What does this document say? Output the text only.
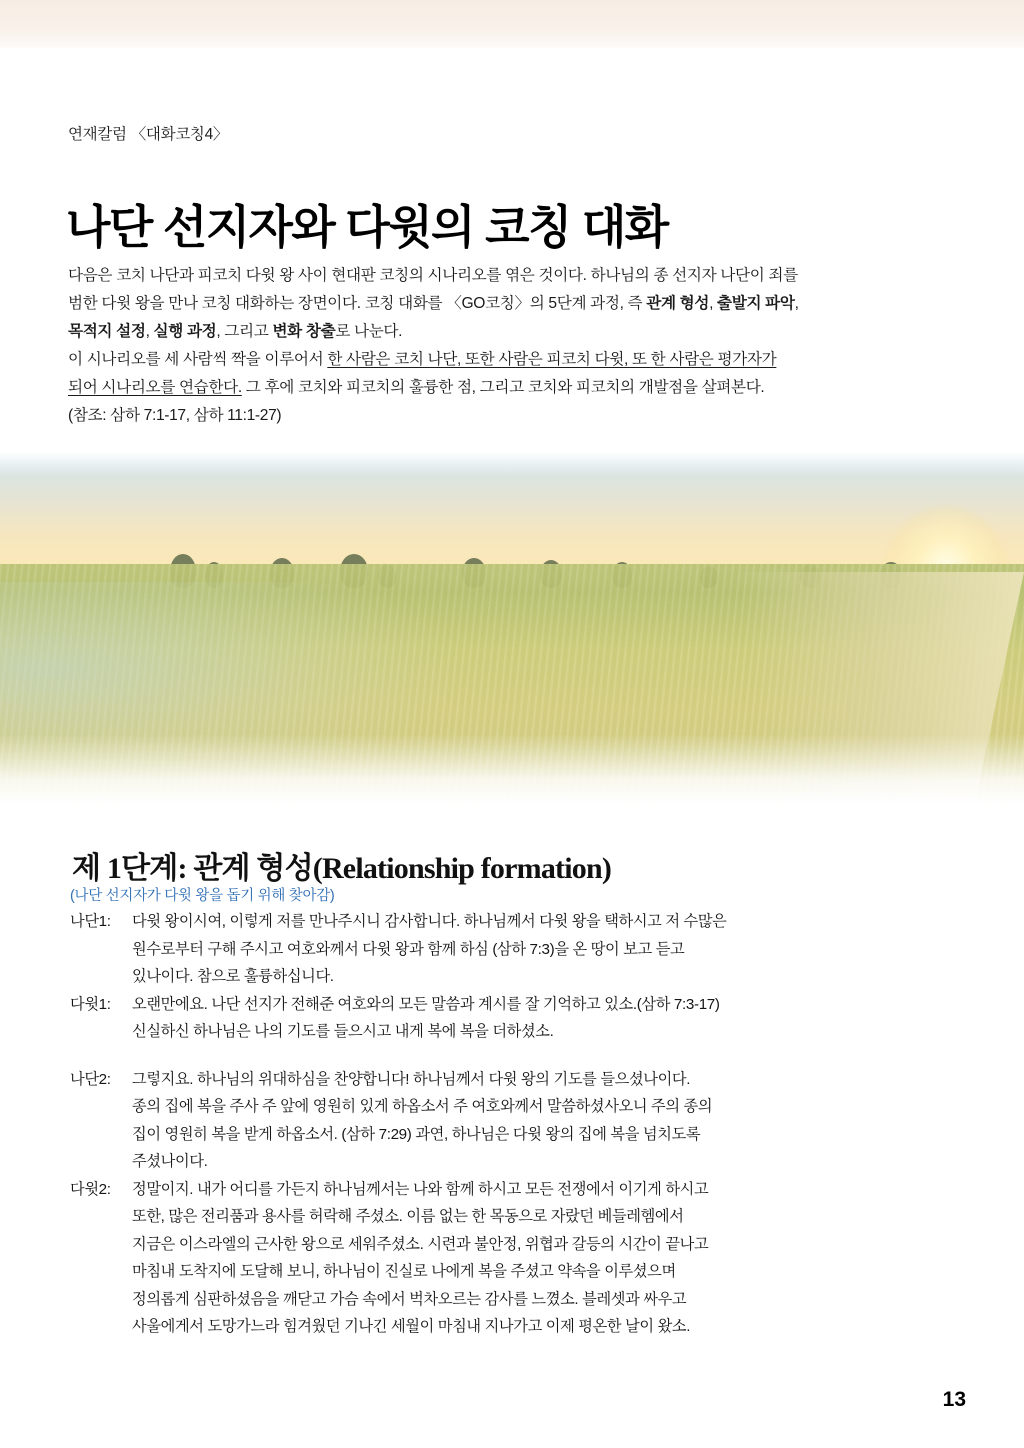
연재칼럼 〈대화코칭4〉
나단 선지자와 다윗의 코칭 대화

다음은 코치 나단과 피코치 다윗 왕 사이 현대판 코칭의 시나리오를 엮은 것이다. 하나님의 종 선지자 나단이 죄를

범한 다윗 왕을 만나 코칭 대화하는 장면이다. 코칭 대화를 〈GO코칭〉의 5단계 과정, 즉 관계 형성, 출발지 파악,

목적지 설정, 실행 과정, 그리고 변화 창출로 나눈다.

이 시나리오를 세 사람씩 짝을 이루어서 한 사람은 코치 나단, 또한 사람은 피코치 다윗, 또 한 사람은 평가자가

되어 시나리오를 연습한다. 그 후에 코치와 피코치의 훌륭한 점, 그리고 코치와 피코치의 개발점을 살펴본다.

(참조: 삼하 7:1-17, 삼하 11:1-27)

제 1단계: 관계 형성(Relationship formation)
(나단 선지자가 다윗 왕을 돕기 위해 찾아감)
나단1:	다윗 왕이시여, 이렇게 저를 만나주시니 감사합니다. 하나님께서 다윗 왕을 택하시고 저 수많은
원수로부터 구해 주시고 여호와께서 다윗 왕과 함께 하심 (삼하 7:3)을 온 땅이 보고 듣고
있나이다. 참으로 훌륭하십니다.
다윗1:	오랜만에요. 나단 선지가 전해준 여호와의 모든 말씀과 계시를 잘 기억하고 있소.(삼하 7:3-17)
신실하신 하나님은 나의 기도를 들으시고 내게 복에 복을 더하셨소.
나단2:	그렇지요. 하나님의 위대하심을 찬양합니다! 하나님께서 다윗 왕의 기도를 들으셨나이다.
종의 집에 복을 주사 주 앞에 영원히 있게 하옵소서 주 여호와께서 말씀하셨사오니 주의 종의
집이 영원히 복을 받게 하옵소서. (삼하 7:29) 과연, 하나님은 다윗 왕의 집에 복을 넘치도록
주셨나이다.
다윗2:	정말이지. 내가 어디를 가든지 하나님께서는 나와 함께 하시고 모든 전쟁에서 이기게 하시고
또한, 많은 전리품과 용사를 허락해 주셨소. 이름 없는 한 목동으로 자랐던 베들레헴에서
지금은 이스라엘의 근사한 왕으로 세워주셨소. 시련과 불안정, 위협과 갈등의 시간이 끝나고
마침내 도착지에 도달해 보니, 하나님이 진실로 나에게 복을 주셨고 약속을 이루셨으며
정의롭게 심판하셨음을 깨닫고 가슴 속에서 벅차오르는 감사를 느꼈소. 블레셋과 싸우고
사울에게서 도망가느라 힘겨웠던 기나긴 세월이 마침내 지나가고 이제 평온한 날이 왔소.
13
